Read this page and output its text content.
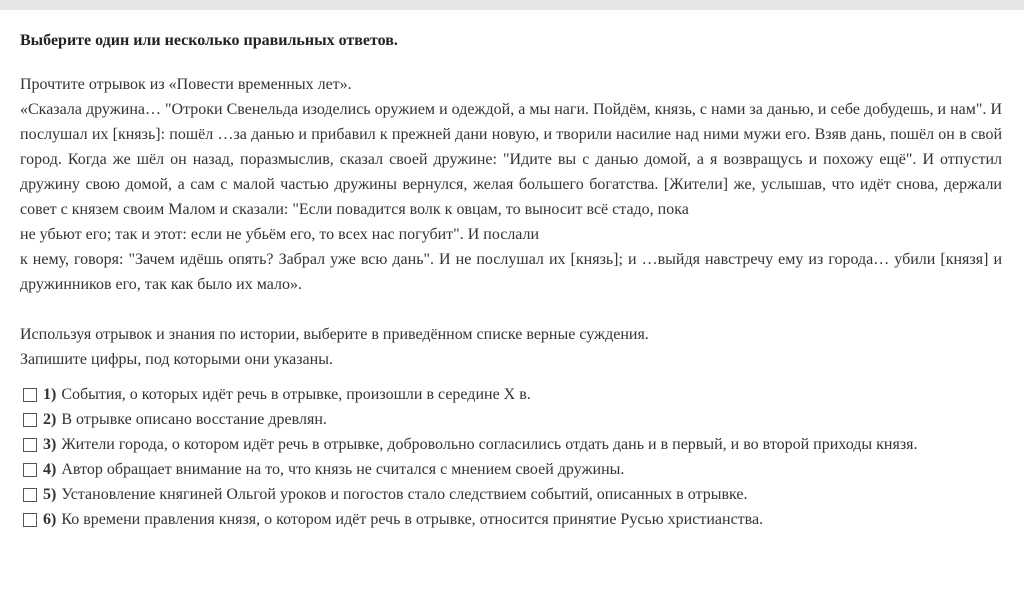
Выберите один или несколько правильных ответов.
Прочтите отрывок из «Повести временных лет».
«Сказала дружина… "Отроки Свенельда изоделись оружием и одеждой, а мы наги. Пойдём, князь, с нами за данью, и себе добудешь, и нам". И послушал их [князь]: пошёл …за данью и прибавил к прежней дани новую, и творили насилие над ними мужи его. Взяв дань, пошёл он в свой город. Когда же шёл он назад, поразмыслив, сказал своей дружине: "Идите вы с данью домой, а я возвращусь и похожу ещё". И отпустил дружину свою домой, а сам с малой частью дружины вернулся, желая большего богатства. [Жители] же, услышав, что идёт снова, держали совет с князем своим Малом и сказали: "Если повадится волк к овцам, то выносит всё стадо, пока
не убьют его; так и этот: если не убьём его, то всех нас погубит". И послали
к нему, говоря: "Зачем идёшь опять? Забрал уже всю дань". И не послушал их [князь]; и …выйдя навстречу ему из города… убили [князя] и дружинников его, так как было их мало».
Используя отрывок и знания по истории, выберите в приведённом списке верные суждения.
Запишите цифры, под которыми они указаны.
1) События, о которых идёт речь в отрывке, произошли в середине X в.
2) В отрывке описано восстание древлян.
3) Жители города, о котором идёт речь в отрывке, добровольно согласились отдать дань и в первый, и во второй приходы князя.
4) Автор обращает внимание на то, что князь не считался с мнением своей дружины.
5) Установление княгиней Ольгой уроков и погостов стало следствием событий, описанных в отрывке.
6) Ко времени правления князя, о котором идёт речь в отрывке, относится принятие Русью христианства.
